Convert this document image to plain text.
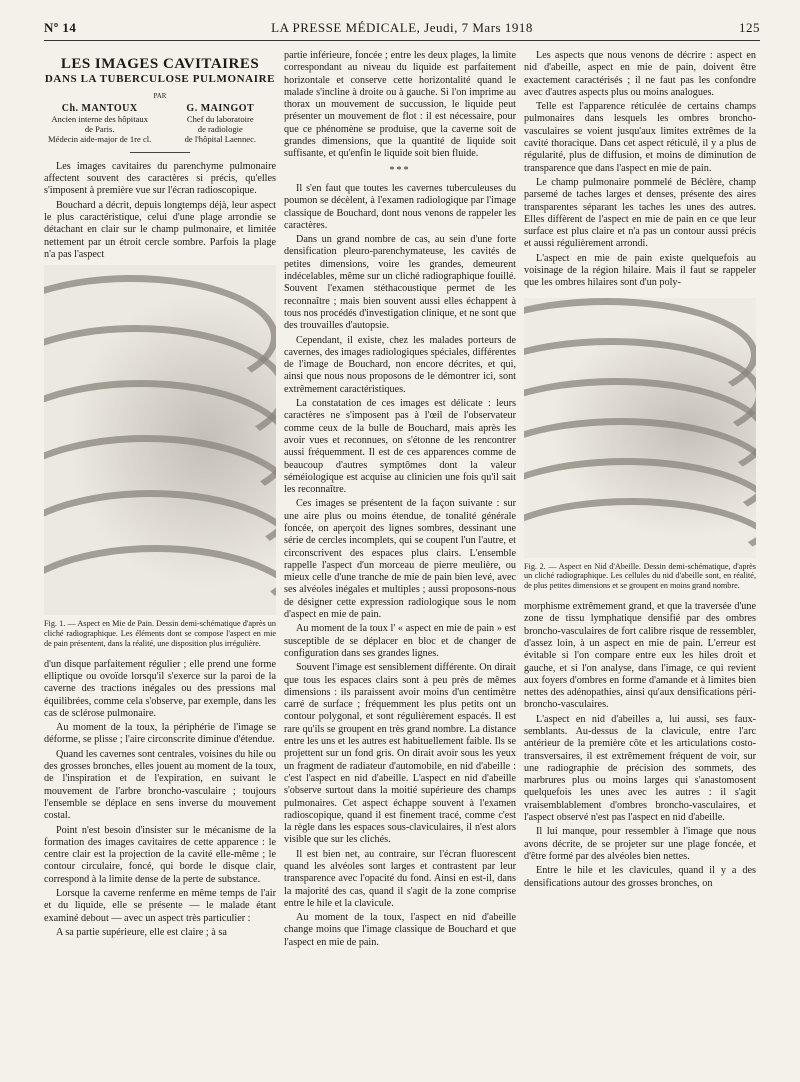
Nº 14	LA PRESSE MÉDICALE, Jeudi, 7 Mars 1918	125
LES IMAGES CAVITAIRES
DANS LA TUBERCULOSE PULMONAIRE
PAR
Ch. MANTOUX
Ancien interne des hôpitaux
de Paris.
Médecin aide-major de 1re cl.
G. MAINGOT
Chef du laboratoire
de radiologie
de l'hôpital Laennec.

Les images cavitaires du parenchyme pulmonaire affectent souvent des caractères si précis, qu'elles s'imposent à première vue sur l'écran radioscopique.

Bouchard a décrit, depuis longtemps déjà, leur aspect le plus caractéristique, celui d'une plage arrondie se détachant en clair sur le champ pulmonaire, et limitée nettement par un étroit cercle sombre. Parfois la plage n'a pas l'aspect

Fig. 1. — Aspect en Mie de Pain. Dessin demi-schématique d'après un cliché radiographique. Les éléments dont se compose l'aspect en mie de pain présentent, dans la réalité, une disposition plus irrégulière.

d'un disque parfaitement régulier ; elle prend une forme elliptique ou ovoïde lorsqu'il s'exerce sur la paroi de la caverne des tractions inégales ou des pressions mal équilibrées, comme cela s'observe, par exemple, dans les cas de sclérose pulmonaire.

Au moment de la toux, la périphérie de l'image se déforme, se plisse ; l'aire circonscrite diminue d'étendue.

Quand les cavernes sont centrales, voisines du hile ou des grosses bronches, elles jouent au moment de la toux, de l'inspiration et de l'expiration, en suivant le mouvement de l'arbre broncho-vasculaire ; toujours l'ensemble se déplace en sens inverse du mouvement costal.

Point n'est besoin d'insister sur le mécanisme de la formation des images cavitaires de cette apparence : le centre clair est la projection de la cavité elle-même ; le contour circulaire, foncé, qui borde le disque clair, correspond à la limite dense de la perte de substance.

Lorsque la caverne renferme en même temps de l'air et du liquide, elle se présente — le malade étant examiné debout — avec un aspect très particulier :

A sa partie supérieure, elle est claire ; à sa

partie inférieure, foncée ; entre les deux plages, la limite correspondant au niveau du liquide est parfaitement horizontale et conserve cette horizontalité quand le malade s'incline à droite ou à gauche. Si l'on imprime au thorax un mouvement de succussion, le liquide peut présenter un mouvement de flot : il est nécessaire, pour que ce phénomène se produise, que la caverne soit de grandes dimensions, que la quantité de liquide soit suffisante, et qu'enfin le liquide soit bien fluide.

***

Il s'en faut que toutes les cavernes tuberculeuses du poumon se décèlent, à l'examen radiologique par l'image classique de Bouchard, dont nous venons de rappeler les caractères.

Dans un grand nombre de cas, au sein d'une forte densification pleuro-parenchymateuse, les cavités de petites dimensions, voire les grandes, demeurent indécelables, même sur un cliché radiographique fouillé. Souvent l'examen stéthacoustique permet de les reconnaître ; mais bien souvent aussi elles échappent à tous nos procédés d'investigation clinique, et ne sont que des trouvailles d'autopsie.

Cependant, il existe, chez les malades porteurs de cavernes, des images radiologiques spéciales, différentes de l'image de Bouchard, non encore décrites, et qui, ainsi que nous nous proposons de le démontrer ici, sont extrêmement caractéristiques.

La constatation de ces images est délicate : leurs caractères ne s'imposent pas à l'œil de l'observateur comme ceux de la bulle de Bouchard, mais après les avoir vues et reconnues, on s'étonne de les rencontrer aussi fréquemment. Il est de ces apparences comme de beaucoup d'autres symptômes dont la valeur séméiologique est acquise au clinicien une fois qu'il sait les reconnaître.

Ces images se présentent de la façon suivante : sur une aire plus ou moins étendue, de tonalité générale foncée, on aperçoit des lignes sombres, dessinant une série de cercles incomplets, qui se coupent l'un l'autre, et circonscrivent des espaces plus clairs. L'ensemble rappelle l'aspect d'un morceau de pierre meulière, ou mieux celle d'une tranche de mie de pain bien levé, avec ses alvéoles inégales et multiples ; aussi proposons-nous de désigner cette expression radiologique sous le nom d'aspect en mie de pain.

Au moment de la toux l' « aspect en mie de pain » est susceptible de se déplacer en bloc et de changer de configuration dans ses grandes lignes.

Souvent l'image est sensiblement différente. On dirait que tous les espaces clairs sont à peu près de mêmes dimensions : ils paraissent avoir moins d'un centimètre carré de surface ; fréquemment les plus petits ont un contour polygonal, et sont régulièrement espacés. Il est rare qu'ils se groupent en très grand nombre. La distance entre les uns et les autres est habituellement faible. Ils se projettent sur un fond gris. On dirait avoir sous les yeux un fragment de radiateur d'automobile, en nid d'abeille : c'est l'aspect en nid d'abeille. L'aspect en nid d'abeille s'observe surtout dans la moitié supérieure des champs pulmonaires. Cet aspect échappe souvent à l'examen radioscopique, quand il est finement tracé, comme c'est la règle dans les espaces sous-claviculaires, il n'est alors visible que sur les clichés.

Il est bien net, au contraire, sur l'écran fluorescent quand les alvéoles sont larges et contrastent par leur transparence avec l'opacité du fond. Ainsi en est-il, dans la majorité des cas, quand il s'agit de la zone comprise entre le hile et la clavicule.

Au moment de la toux, l'aspect en nid d'abeille change moins que l'image classique de Bouchard et que l'aspect en mie de pain.

Les aspects que nous venons de décrire : aspect en nid d'abeille, aspect en mie de pain, doivent être exactement caractérisés ; il ne faut pas les confondre avec d'autres aspects plus ou moins analogues.

Telle est l'apparence réticulée de certains champs pulmonaires dans lesquels les ombres broncho-vasculaires se voient jusqu'aux limites extrêmes de la cavité thoracique. Dans cet aspect réticulé, il y a plus de régularité, plus de diffusion, et moins de diminution de transparence que dans l'aspect en mie de pain.

Le champ pulmonaire pommelé de Béclère, champ parsemé de taches larges et denses, présente des aires transparentes séparant les taches les unes des autres. Elles diffèrent de l'aspect en mie de pain en ce que leur surface est plus claire et n'a pas un contour aussi précis et aussi régulièrement arrondi.

L'aspect en mie de pain existe quelquefois au voisinage de la région hilaire. Mais il faut se rappeler que les ombres hilaires sont d'un poly-

Fig. 2. — Aspect en Nid d'Abeille. Dessin demi-schématique, d'après un cliché radiographique. Les cellules du nid d'abeille sont, en réalité, de plus petites dimensions et se groupent en moins grand nombre.

morphisme extrêmement grand, et que la traversée d'une zone de tissu lymphatique densifié par des ombres broncho-vasculaires de fort calibre risque de ressembler, d'assez loin, à un aspect en mie de pain. L'erreur est évitable si l'on compare entre eux les hiles droit et gauche, et si l'on analyse, dans l'image, ce qui revient aux foyers d'ombres en forme d'amande et à limites bien nettes des adénopathies, ainsi qu'aux densifications péri-broncho-vasculaires.

L'aspect en nid d'abeilles a, lui aussi, ses faux-semblants. Au-dessus de la clavicule, entre l'arc antérieur de la première côte et les articulations costo-transversaires, il est extrêmement fréquent de voir, sur une radiographie de précision des sommets, des marbrures plus ou moins larges qui s'anastomosent quelquefois les unes avec les autres : il s'agit vraisemblablement d'ombres broncho-vasculaires, et l'aspect observé n'est pas l'aspect en nid d'abeille.

Il lui manque, pour ressembler à l'image que nous avons décrite, de se projeter sur une plage foncée, et d'être formé par des alvéoles bien nettes.

Entre le hile et les clavicules, quand il y a des densifications autour des grosses bronches, on
